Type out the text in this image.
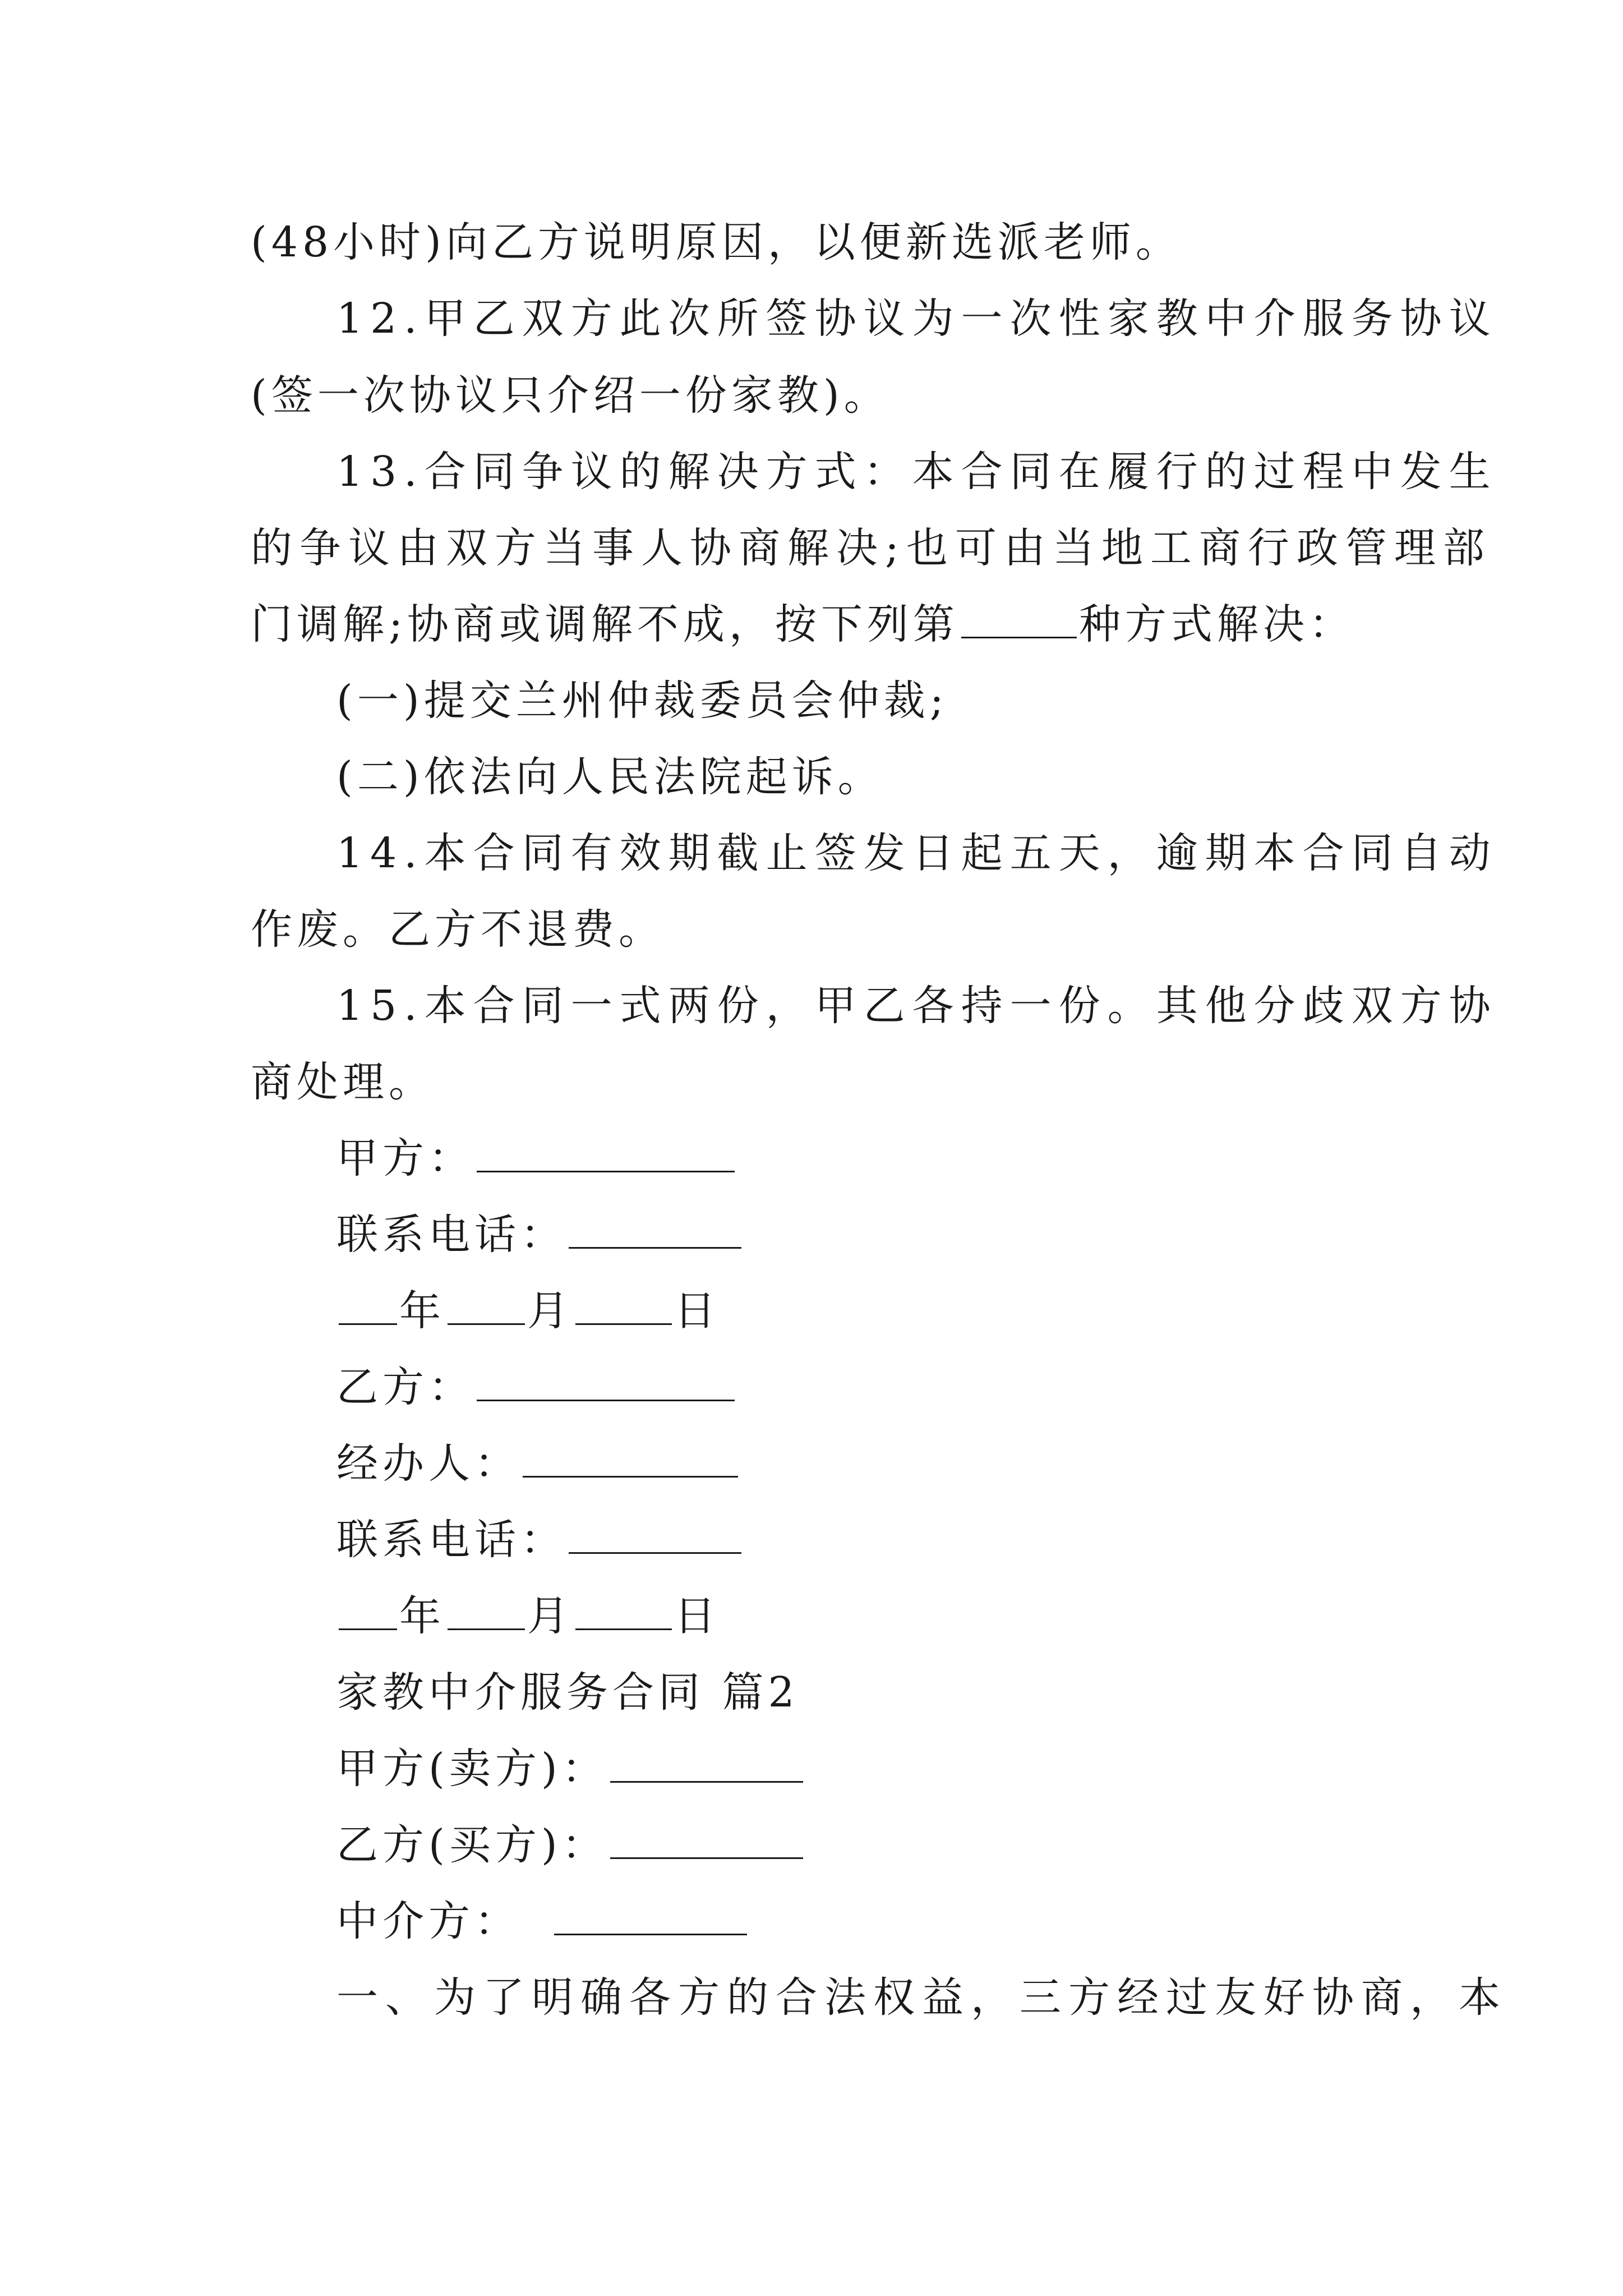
(48小时)向乙方说明原因，以便新选派老师。
12.甲乙双方此次所签协议为一次性家教中介服务协议
(签一次协议只介绍一份家教)。
13.合同争议的解决方式：本合同在履行的过程中发生
的争议由双方当事人协商解决;也可由当地工商行政管理部
门调解;协商或调解不成，按下列第	种方式解决：
(一)提交兰州仲裁委员会仲裁;
(二)依法向人民法院起诉。
14.本合同有效期截止签发日起五天，逾期本合同自动
作废。乙方不退费。
15.本合同一式两份，甲乙各持一份。其他分歧双方协
商处理。
甲方：
联系电话：
年 月 日
乙方：
经办人：
联系电话：
年 月 日
家教中介服务合同 篇2
甲方(卖方)：
乙方(买方)：
中介方：
一、为了明确各方的合法权益，三方经过友好协商，本
